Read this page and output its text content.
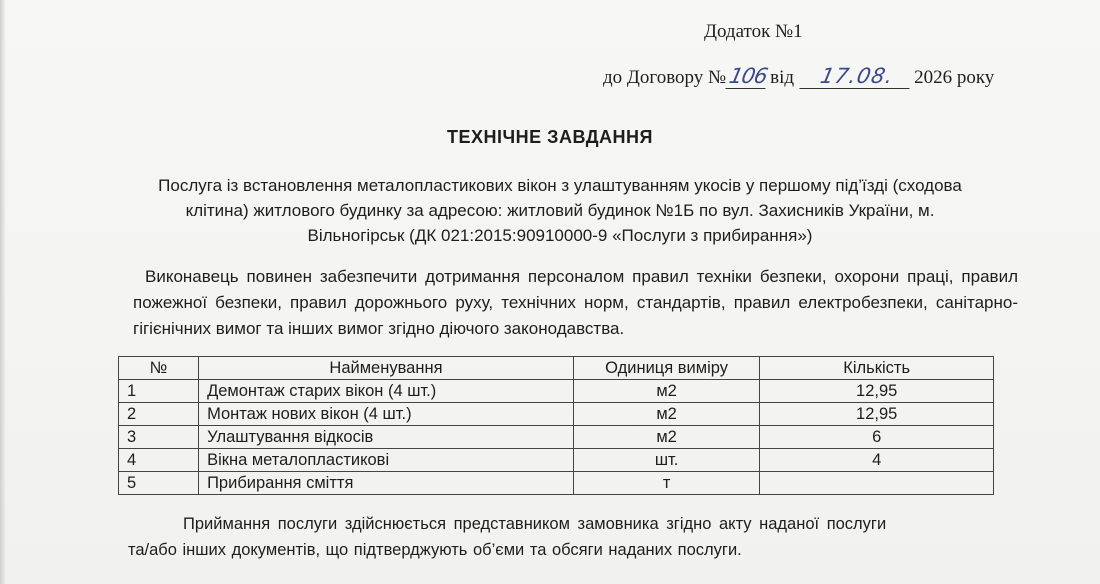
Додаток №1
до Договору №106від 17.08. 2026 року
ТЕХНІЧНЕ ЗАВДАННЯ
Послуга із встановлення металопластикових вікон з улаштуванням укосів у першому під’їзді (сходова
клітина) житлового будинку за адресою: житловий будинок №1Б по вул. Захисників України, м.
Вільногірськ (ДК 021:2015:90910000-9 «Послуги з прибирання»)
Виконавець повинен забезпечити дотримання персоналом правил техніки безпеки, охорони праці, правил пожежної безпеки, правил дорожнього руху, технічних норм, стандартів, правил електробезпеки, санітарно-гігієнічних вимог та інших вимог згідно діючого законодавства.
№	Найменування	Одиниця виміру	Кількість
1	Демонтаж старих вікон (4 шт.)	м2	12,95
2	Монтаж нових вікон (4 шт.)	м2	12,95
3	Улаштування відкосів	м2	6
4	Вікна металопластикові	шт.	4
5	Прибирання сміття	т	
Приймання послуги здійснюється представником замовника згідно акту наданої послуги
та/або інших документів, що підтверджують об’єми та обсяги наданих послуги.
